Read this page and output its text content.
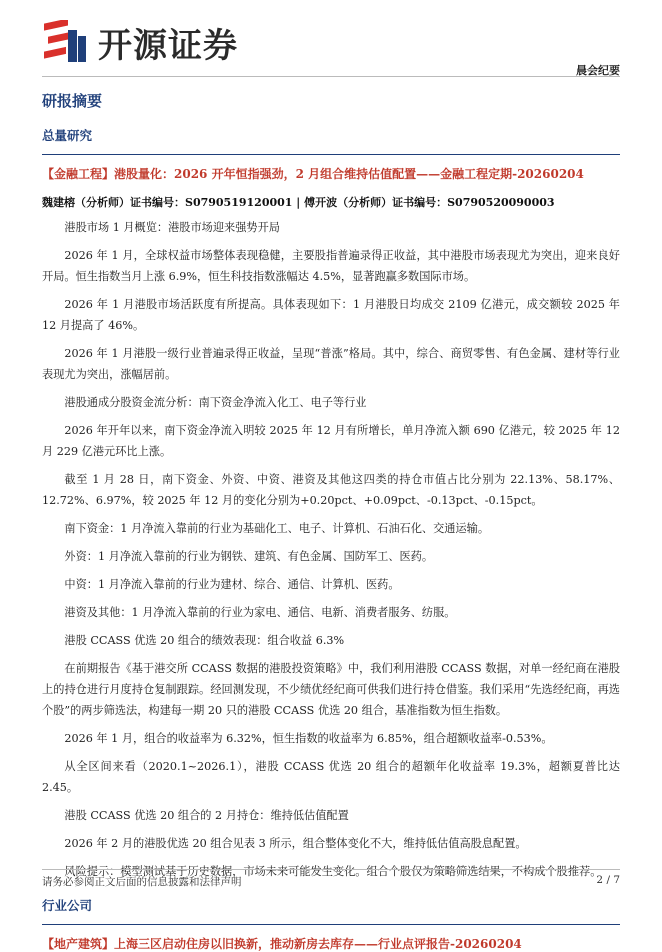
开源证券
晨会纪要
研报摘要
总量研究
【金融工程】港股量化：2026 开年恒指强劲，2 月组合维持估值配置——金融工程定期-20260204
魏建榕（分析师）证书编号：S0790519120001 | 傅开波（分析师）证书编号：S0790520090003

港股市场 1 月概览：港股市场迎来强势开局

2026 年 1 月，全球权益市场整体表现稳健，主要股指普遍录得正收益，其中港股市场表现尤为突出，迎来良好开局。恒生指数当月上涨 6.9%，恒生科技指数涨幅达 4.5%，显著跑赢多数国际市场。

2026 年 1 月港股市场活跃度有所提高。具体表现如下：1 月港股日均成交 2109 亿港元，成交额较 2025 年 12 月提高了 46%。

2026 年 1 月港股一级行业普遍录得正收益，呈现“普涨”格局。其中，综合、商贸零售、有色金属、建材等行业表现尤为突出，涨幅居前。

港股通成分股资金流分析：南下资金净流入化工、电子等行业

2026 年开年以来，南下资金净流入明较 2025 年 12 月有所增长，单月净流入额 690 亿港元，较 2025 年 12 月 229 亿港元环比上涨。

截至 1 月 28 日，南下资金、外资、中资、港资及其他这四类的持仓市值占比分别为 22.13%、58.17%、12.72%、6.97%，较 2025 年 12 月的变化分别为+0.20pct、+0.09pct、-0.13pct、-0.15pct。

南下资金：1 月净流入靠前的行业为基础化工、电子、计算机、石油石化、交通运输。

外资：1 月净流入靠前的行业为钢铁、建筑、有色金属、国防军工、医药。

中资：1 月净流入靠前的行业为建材、综合、通信、计算机、医药。

港资及其他：1 月净流入靠前的行业为家电、通信、电新、消费者服务、纺服。

港股 CCASS 优选 20 组合的绩效表现：组合收益 6.3%

在前期报告《基于港交所 CCASS 数据的港股投资策略》中，我们利用港股 CCASS 数据，对单一经纪商在港股上的持仓进行月度持仓复制跟踪。经回测发现，不少绩优经纪商可供我们进行持仓借鉴。我们采用“先选经纪商，再选个股”的两步筛选法，构建每一期 20 只的港股 CCASS 优选 20 组合，基准指数为恒生指数。

2026 年 1 月，组合的收益率为 6.32%，恒生指数的收益率为 6.85%，组合超额收益率-0.53%。

从全区间来看（2020.1~2026.1），港股 CCASS 优选 20 组合的超额年化收益率 19.3%，超额夏普比达 2.45。

港股 CCASS 优选 20 组合的 2 月持仓：维持低估值配置

2026 年 2 月的港股优选 20 组合见表 3 所示，组合整体变化不大，维持低估值高股息配置。

风险提示：模型测试基于历史数据，市场未来可能发生变化。组合个股仅为策略筛选结果，不构成个股推荐。

行业公司
【地产建筑】上海三区启动住房以旧换新，推动新房去库存——行业点评报告-20260204
请务必参阅正文后面的信息披露和法律声明	2 / 7
